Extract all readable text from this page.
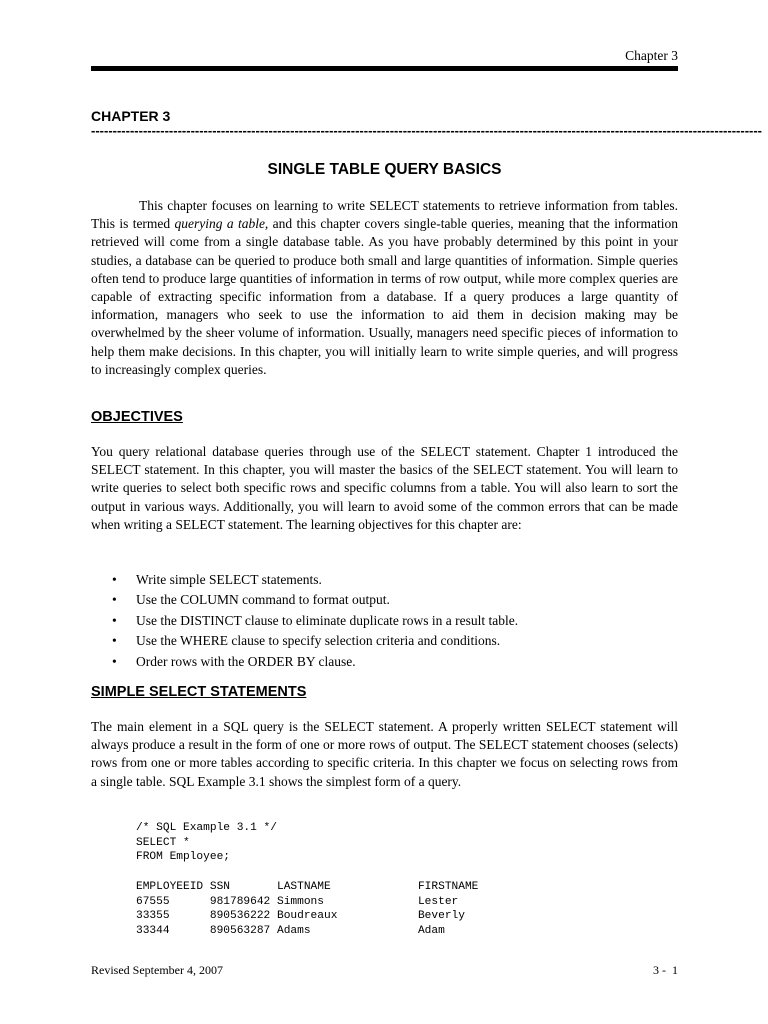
Chapter 3
CHAPTER 3
-----------------------------------------------------------------------------------------------------------------------------------------------------------
SINGLE TABLE QUERY BASICS

This chapter focuses on learning to write SELECT statements to retrieve information from tables. This is termed querying a table, and this chapter covers single-table queries, meaning that the information retrieved will come from a single database table. As you have probably determined by this point in your studies, a database can be queried to produce both small and large quantities of information. Simple queries often tend to produce large quantities of information in terms of row output, while more complex queries are capable of extracting specific information from a database. If a query produces a large quantity of information, managers who seek to use the information to aid them in decision making may be overwhelmed by the sheer volume of information. Usually, managers need specific pieces of information to help them make decisions. In this chapter, you will initially learn to write simple queries, and will progress to increasingly complex queries.

OBJECTIVES

You query relational database queries through use of the SELECT statement. Chapter 1 introduced the SELECT statement. In this chapter, you will master the basics of the SELECT statement. You will learn to write queries to select both specific rows and specific columns from a table. You will also learn to sort the output in various ways. Additionally, you will learn to avoid some of the common errors that can be made when writing a SELECT statement. The learning objectives for this chapter are:

• Write simple SELECT statements.
• Use the COLUMN command to format output.
• Use the DISTINCT clause to eliminate duplicate rows in a result table.
• Use the WHERE clause to specify selection criteria and conditions.
• Order rows with the ORDER BY clause.
SIMPLE SELECT STATEMENTS

The main element in a SQL query is the SELECT statement. A properly written SELECT statement will always produce a result in the form of one or more rows of output. The SELECT statement chooses (selects) rows from one or more tables according to specific criteria. In this chapter we focus on selecting rows from a single table. SQL Example 3.1 shows the simplest form of a query.

/* SQL Example 3.1 */
SELECT *
FROM Employee;
EMPLOYEEID SSN       LASTNAME             FIRSTNAME
67555      981789642 Simmons              Lester
33355      890536222 Boudreaux            Beverly
33344      890563287 Adams                Adam
Revised September 4, 2007	3 -  1
